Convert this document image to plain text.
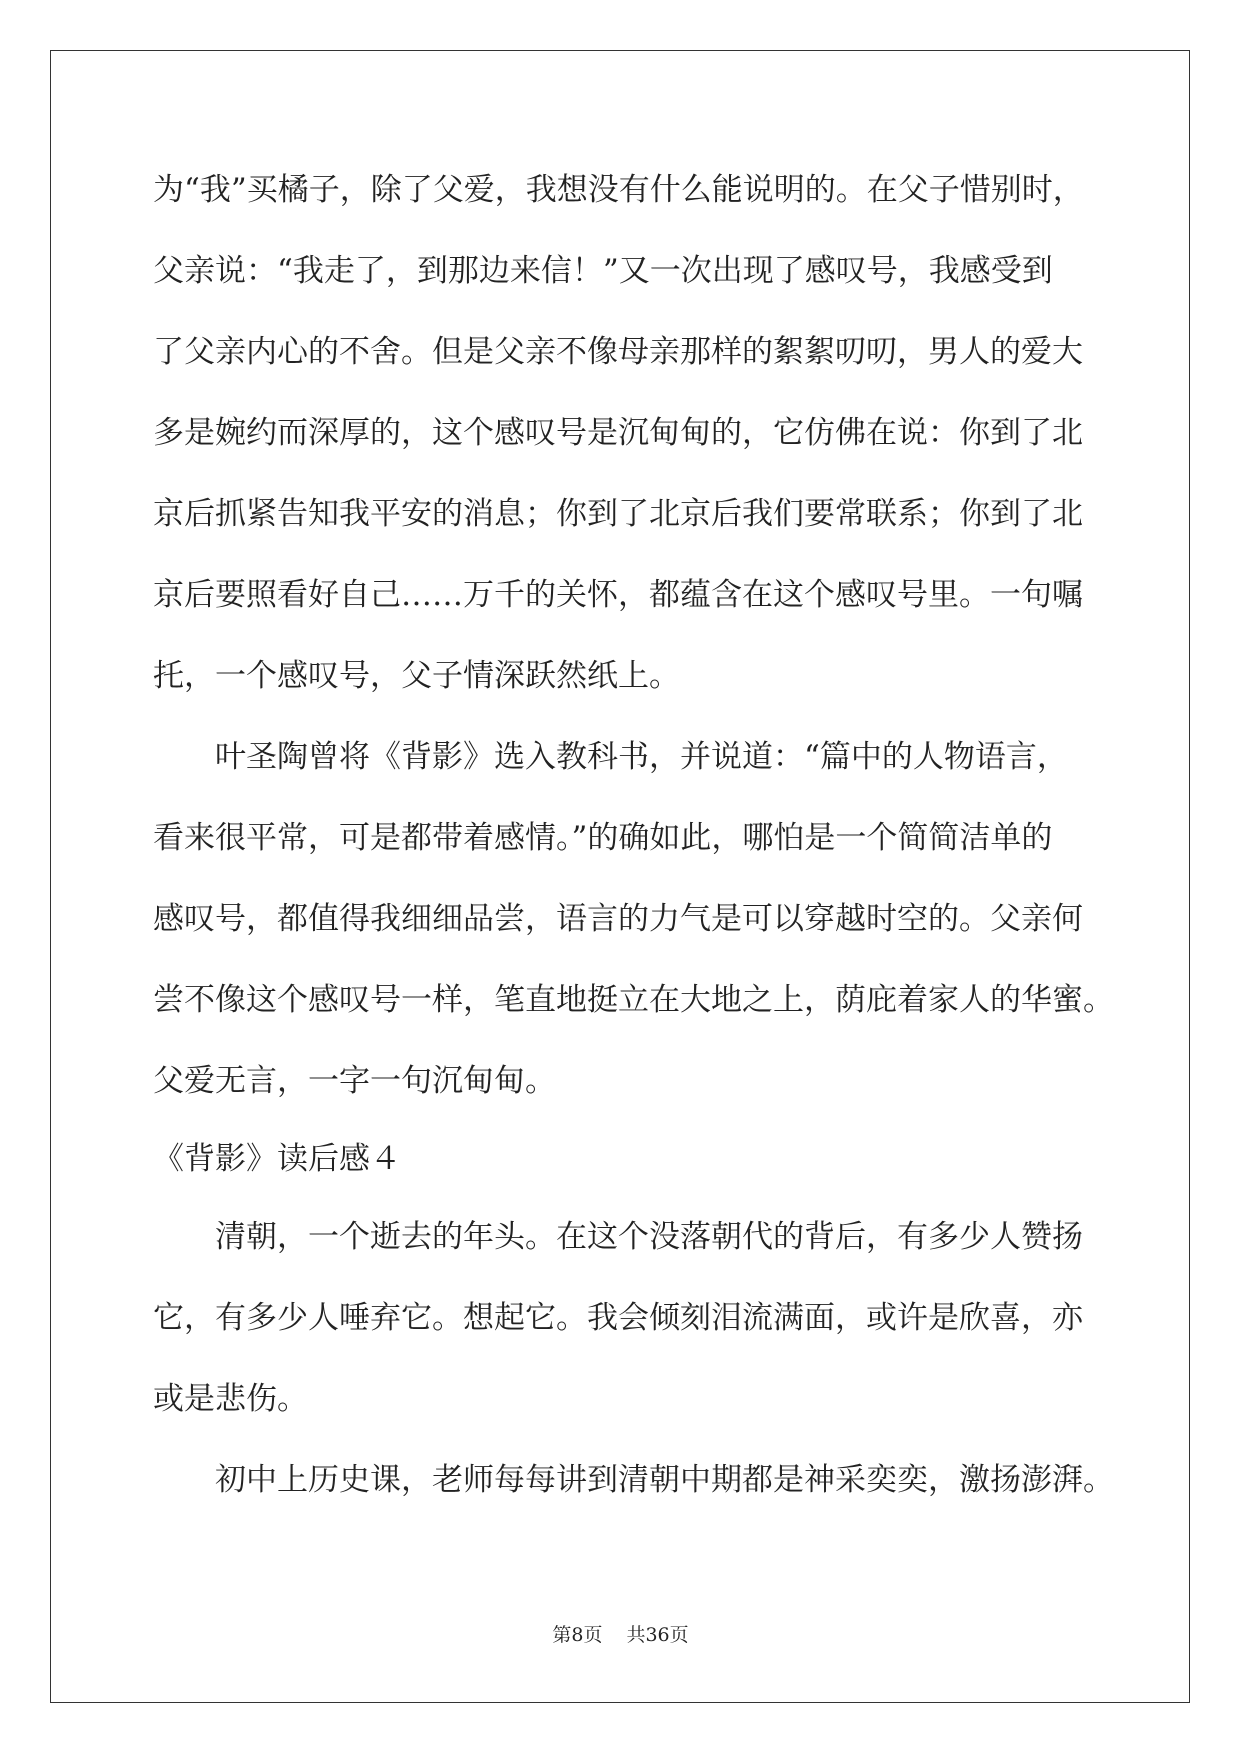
为“我”买橘子，除了父爱，我想没有什么能说明的。在父子惜别时，
父亲说：“我走了，到那边来信！”又一次出现了感叹号，我感受到
了父亲内心的不舍。但是父亲不像母亲那样的絮絮叨叨，男人的爱大
多是婉约而深厚的，这个感叹号是沉甸甸的，它仿佛在说：你到了北
京后抓紧告知我平安的消息；你到了北京后我们要常联系；你到了北
京后要照看好自己……万千的关怀，都蕴含在这个感叹号里。一句嘱
托，一个感叹号，父子情深跃然纸上。
叶圣陶曾将《背影》选入教科书，并说道：“篇中的人物语言，
看来很平常，可是都带着感情。”的确如此，哪怕是一个简简洁单的
感叹号，都值得我细细品尝，语言的力气是可以穿越时空的。父亲何
尝不像这个感叹号一样，笔直地挺立在大地之上，荫庇着家人的华蜜。
父爱无言，一字一句沉甸甸。
《背影》读后感４
清朝，一个逝去的年头。在这个没落朝代的背后，有多少人赞扬
它，有多少人唾弃它。想起它。我会倾刻泪流满面，或许是欣喜，亦
或是悲伤。
初中上历史课，老师每每讲到清朝中期都是神采奕奕，激扬澎湃。
第8页 共36页
